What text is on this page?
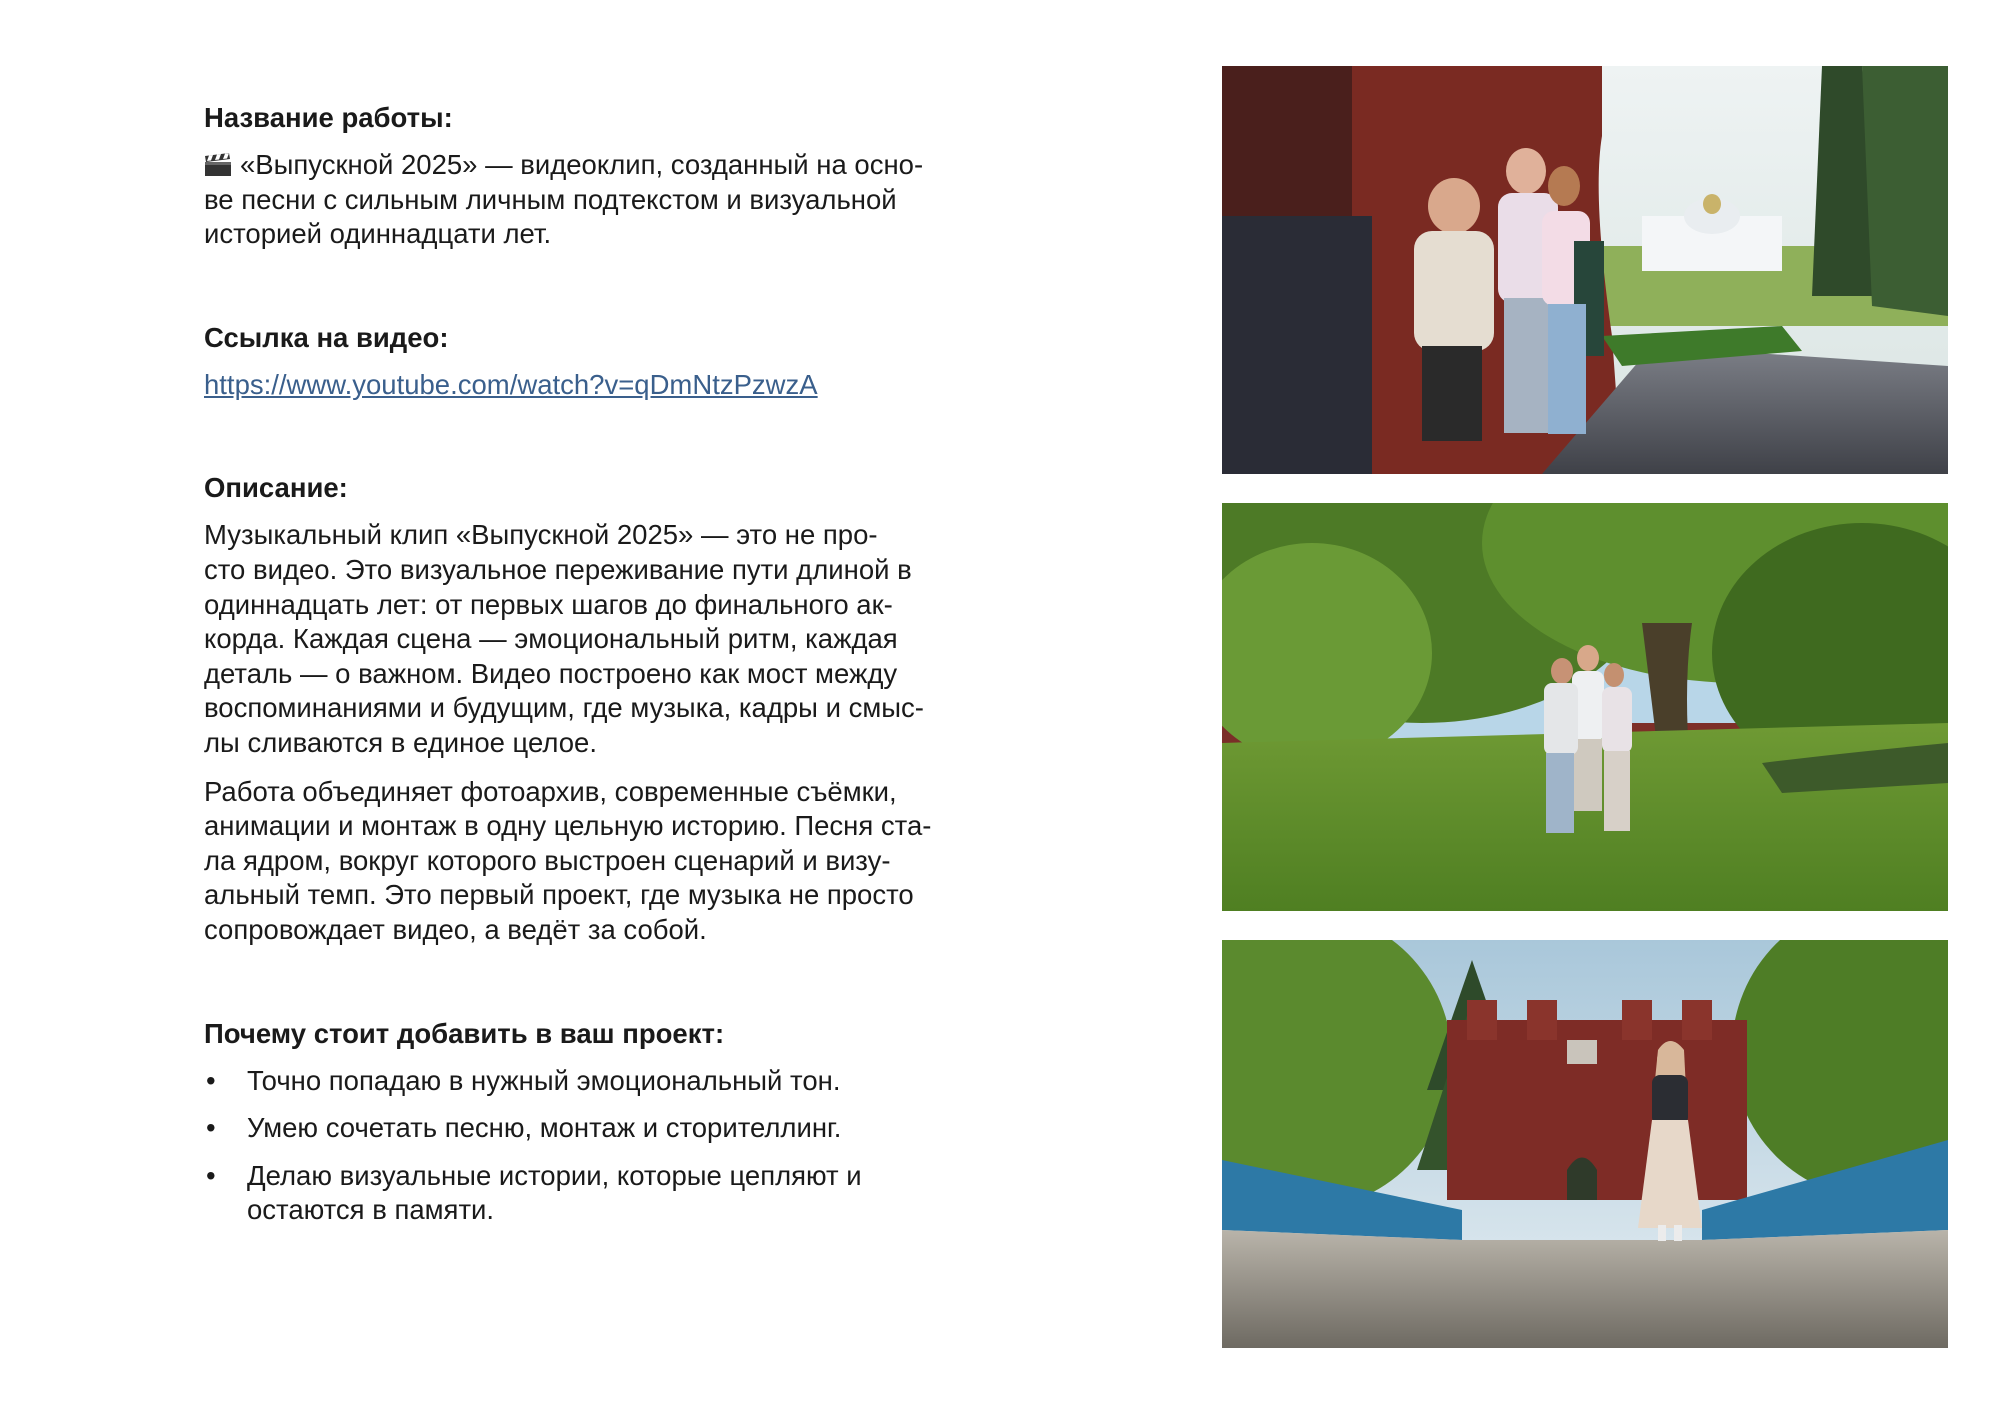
Название работы:

«Выпускной 2025» — видеоклип, созданный на осно-
ве песни с сильным личным подтекстом и визуальной
историей одиннадцати лет.

Ссылка на видео:

https://www.youtube.com/watch?v=qDmNtzPzwzA

Описание:

Музыкальный клип «Выпускной 2025» — это не про-
сто видео. Это визуальное переживание пути длиной в
одиннадцать лет: от первых шагов до финального ак-
корда. Каждая сцена — эмоциональный ритм, каждая
деталь — о важном. Видео построено как мост между
воспоминаниями и будущим, где музыка, кадры и смыс-
лы сливаются в единое целое.

Работа объединяет фотоархив, современные съёмки,
анимации и монтаж в одну цельную историю. Песня ста-
ла ядром, вокруг которого выстроен сценарий и визу-
альный темп. Это первый проект, где музыка не просто
сопровождает видео, а ведёт за собой.

Почему стоит добавить в ваш проект:

• Точно попадаю в нужный эмоциональный тон.
• Умею сочетать песню, монтаж и сторителлинг.
• Делаю визуальные истории, которые цепляют и
остаются в памяти.
